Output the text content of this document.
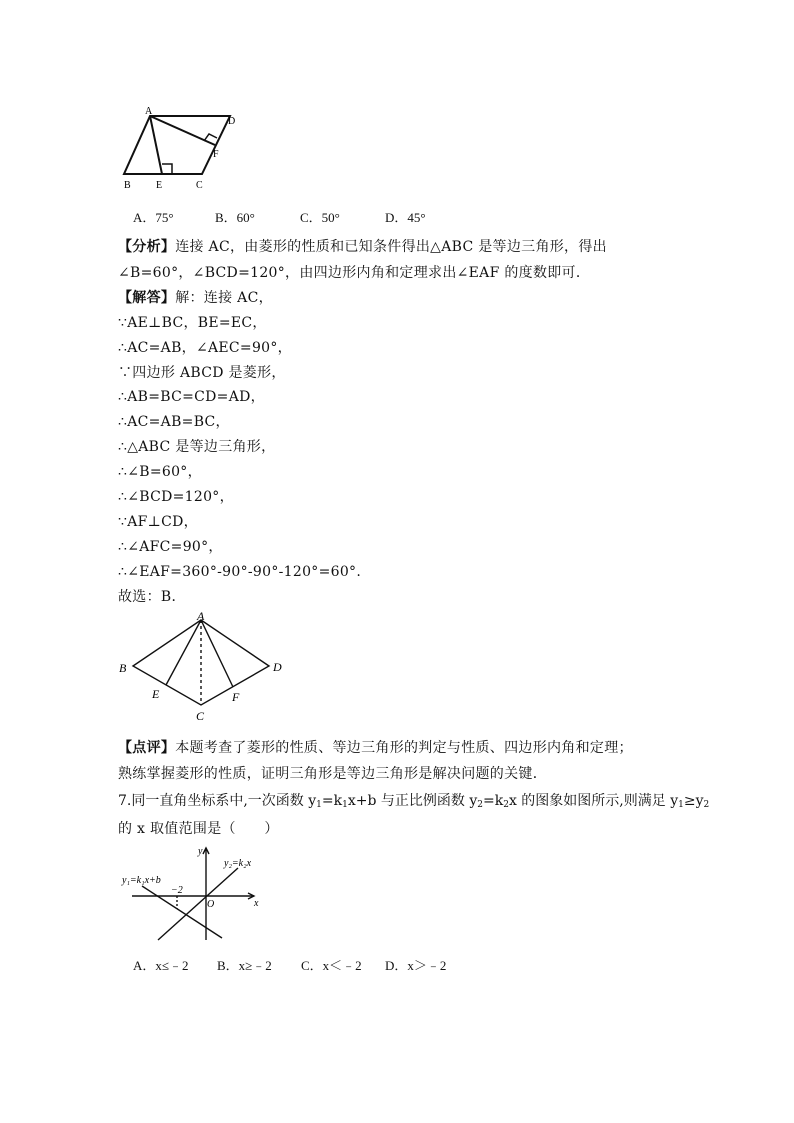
A
D
F
B	E	C
A．75°	B．60°	C．50°	D．45°
【分析】连接 AC，由菱形的性质和已知条件得出△ABC 是等边三角形，得出
∠B=60°，∠BCD=120°，由四边形内角和定理求出∠EAF 的度数即可．
【解答】解：连接 AC，
∵AE⊥BC，BE=EC，
∴AC=AB，∠AEC=90°，
∵四边形 ABCD 是菱形，
∴AB=BC=CD=AD，
∴AC=AB=BC，
∴△ABC 是等边三角形，
∴∠B=60°，
∴∠BCD=120°，
∵AF⊥CD，
∴∠AFC=90°，
∴∠EAF=360°-90°-90°-120°=60°.
故选：B．
A
B	D
E	F
C
【点评】本题考查了菱形的性质、等边三角形的判定与性质、四边形内角和定理；
熟练掌握菱形的性质，证明三角形是等边三角形是解决问题的关键．
7.同一直角坐标系中,一次函数 $y_1=k_1x+b$ 与正比例函数 $y_2=k_2x$ 的图象如图所示,则满足 $y_1\ge y_2$
的 x 取值范围是（　　）
y
x
O
−2
y₁=k₁x+b
y₂=k₂x
A．x≤﹣2 B．x≥﹣2 C．x＜﹣2 D．x＞﹣2
